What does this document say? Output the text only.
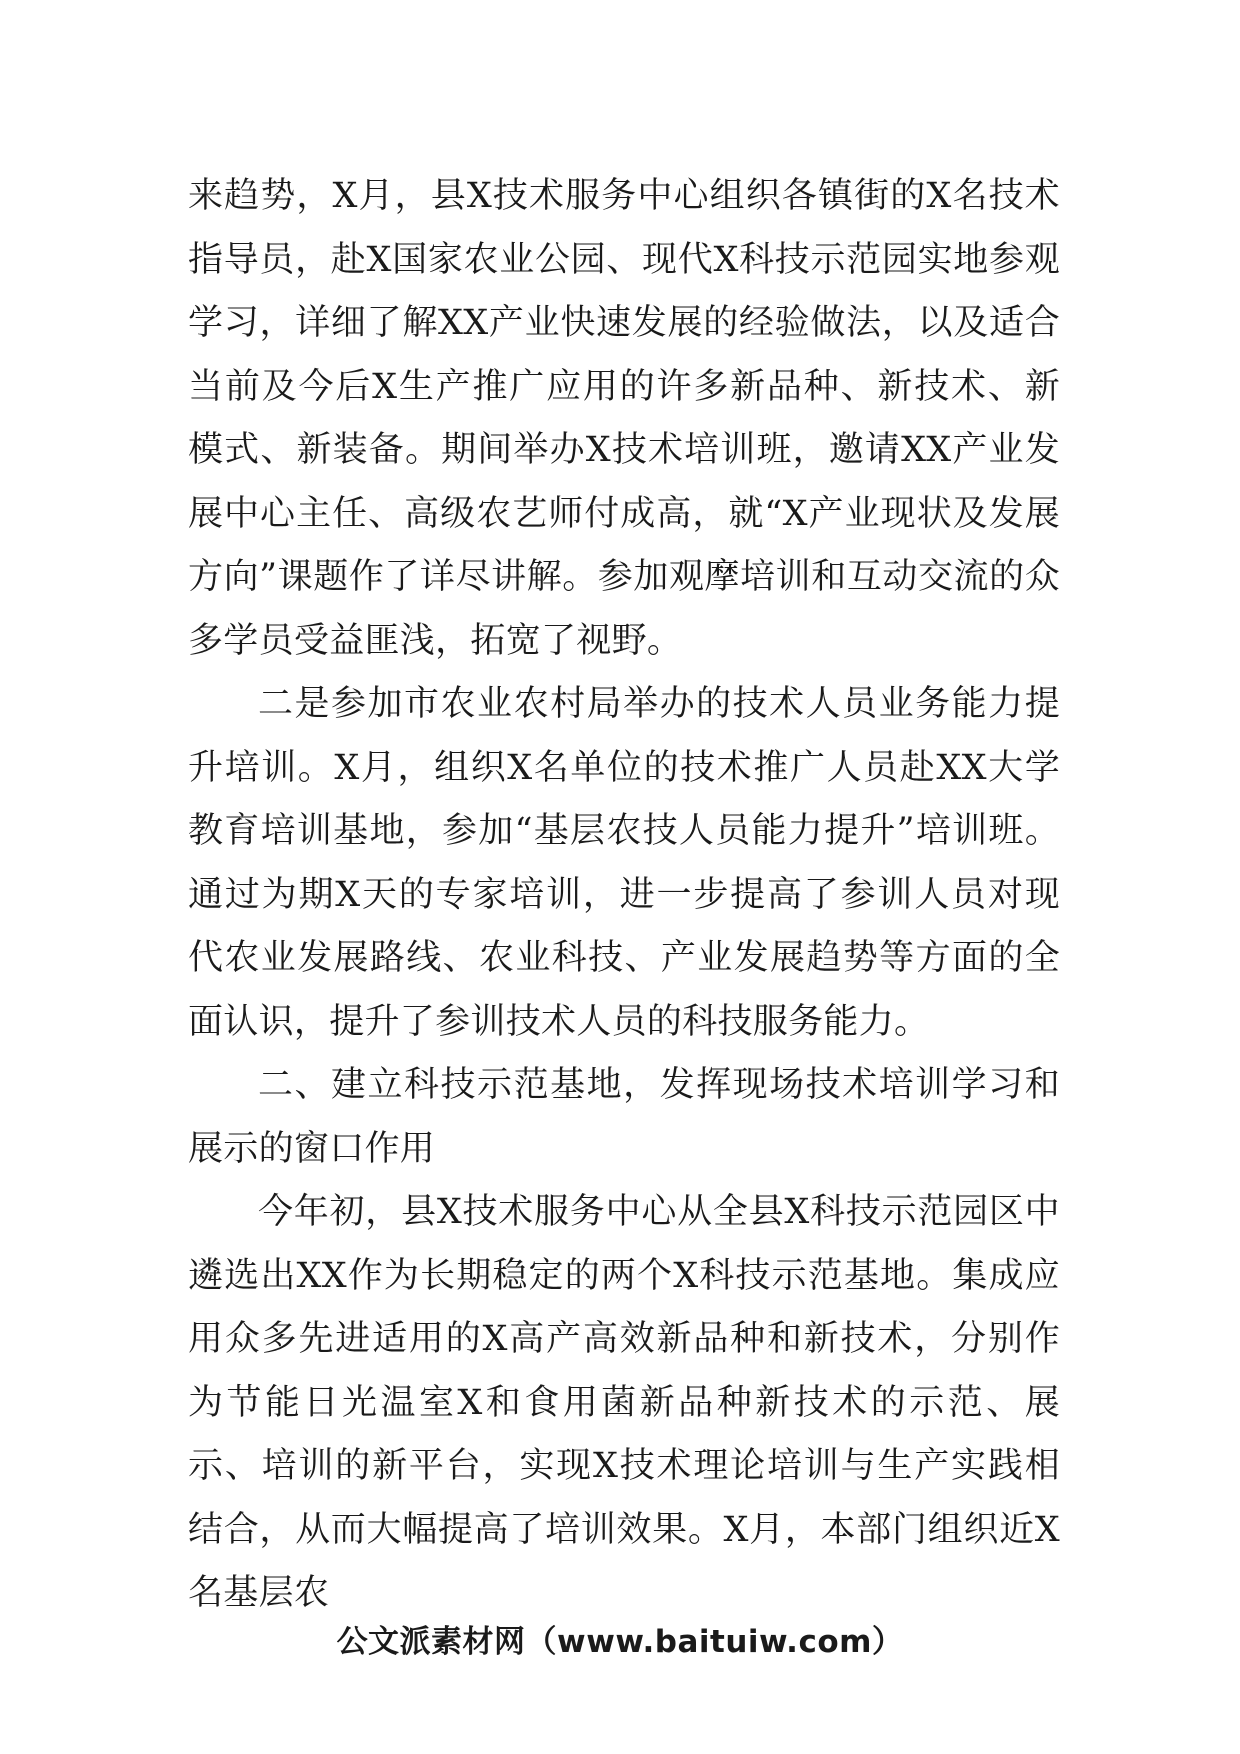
来趋势，X月，县X技术服务中心组织各镇街的X名技术指导员，赴X国家农业公园、现代X科技示范园实地参观学习，详细了解XX产业快速发展的经验做法，以及适合当前及今后X生产推广应用的许多新品种、新技术、新模式、新装备。期间举办X技术培训班，邀请XX产业发展中心主任、高级农艺师付成高，就“X产业现状及发展方向”课题作了详尽讲解。参加观摩培训和互动交流的众多学员受益匪浅，拓宽了视野。

二是参加市农业农村局举办的技术人员业务能力提升培训。X月，组织X名单位的技术推广人员赴XX大学教育培训基地，参加“基层农技人员能力提升”培训班。通过为期X天的专家培训，进一步提高了参训人员对现代农业发展路线、农业科技、产业发展趋势等方面的全面认识，提升了参训技术人员的科技服务能力。

二、建立科技示范基地，发挥现场技术培训学习和展示的窗口作用

今年初，县X技术服务中心从全县X科技示范园区中遴选出XX作为长期稳定的两个X科技示范基地。集成应用众多先进适用的X高产高效新品种和新技术，分别作为节能日光温室X和食用菌新品种新技术的示范、展示、培训的新平台，实现X技术理论培训与生产实践相结合，从而大幅提高了培训效果。X月，本部门组织近X名基层农

公文派素材网（www.baituiw.com）
